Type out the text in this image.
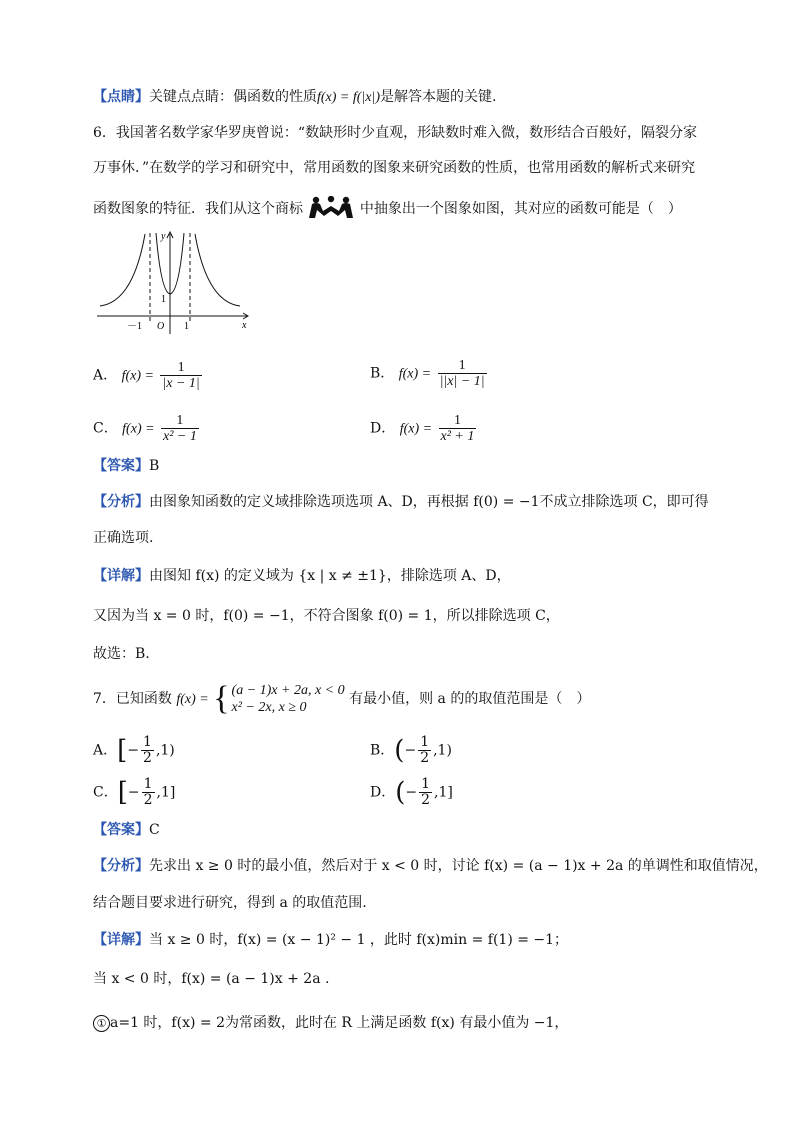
【点睛】关键点点睛：偶函数的性质f(x) = f(|x|)是解答本题的关键.
6．我国著名数学家华罗庚曾说：“数缺形时少直观，形缺数时难入微，数形结合百般好，隔裂分家
万事休．”在数学的学习和研究中，常用函数的图象来研究函数的性质，也常用函数的解析式来研究
函数图象的特征．我们从这个商标	中抽象出一个图象如图，其对应的函数可能是（　）
y
x
O
－1	1
1
A． $f(x) = \frac{1}{|x - 1|}$	B． $f(x) = \frac{1}{||x| - 1|}$
C． $f(x) = \frac{1}{\text{x² − 1}}$	D． $f(x) = \frac{1}{\text{x² + 1}}$
【答案】B
【分析】由图象知函数的定义域排除选项选项 A、D，再根据 f(0) = −1不成立排除选项 C，即可得
正确选项.
【详解】由图知 f(x) 的定义域为 {x | x ≠ ±1}，排除选项 A、D，
又因为当 x = 0 时，f(0) = −1，不符合图象 f(0) = 1，所以排除选项 C，
故选：B.
7．已知函数 f(x) = { (a − 1)x + 2a, x < 0
x² − 2x, x ≥ 0
有最小值，则 a 的的取值范围是（　）
A．[− $\frac{1}{2} ,1$)	B．(− $\frac{1}{2} ,1$)
C．[− $\frac{1}{2} ,1$]	D．(− $\frac{1}{2} ,1$]
【答案】C
【分析】先求出 x ≥ 0 时的最小值，然后对于 x < 0 时，讨论 f(x) = (a − 1)x + 2a 的单调性和取值情况，
结合题目要求进行研究，得到 a 的取值范围.
【详解】当 x ≥ 0 时，f(x) = (x − 1)² − 1 ，此时 f(x)min = f(1) = −1；
当 x < 0 时，f(x) = (a − 1)x + 2a .
① a=1 时，f(x) = 2为常函数，此时在 R 上满足函数 f(x) 有最小值为 −1，
